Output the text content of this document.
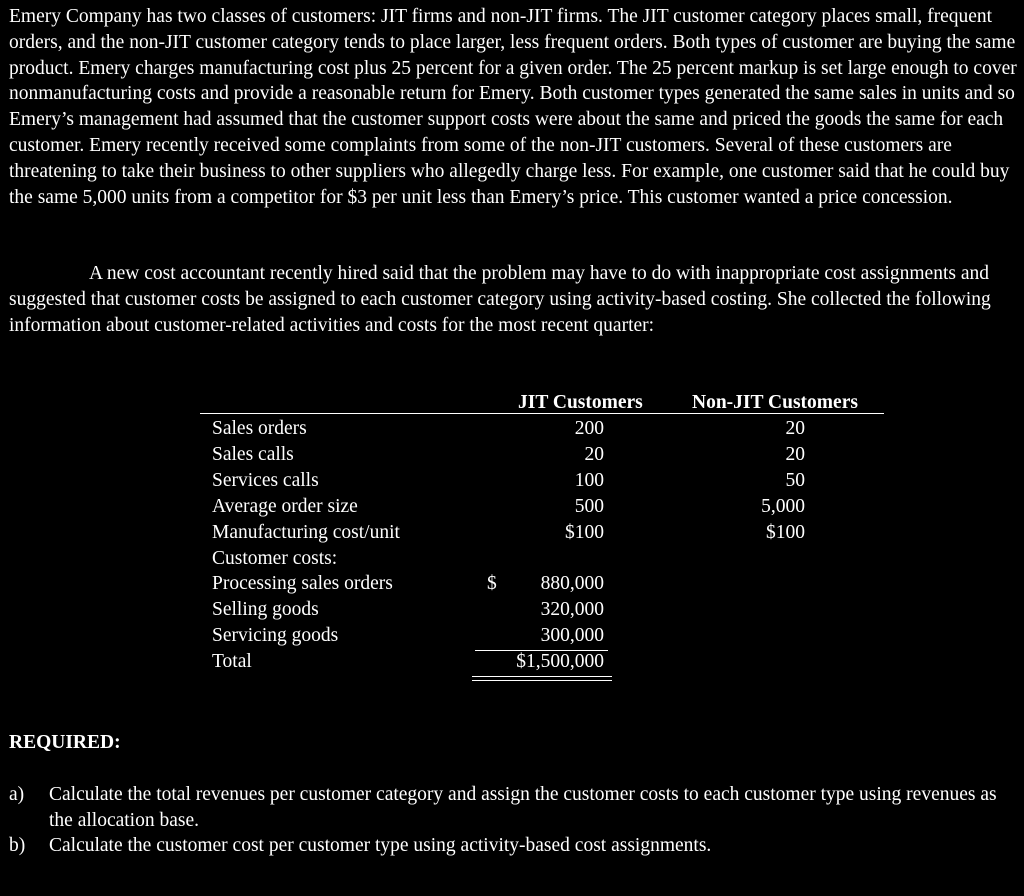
Emery Company has two classes of customers: JIT firms and non-JIT firms. The JIT customer category places small, frequent orders, and the non-JIT customer category tends to place larger, less frequent orders. Both types of customer are buying the same product. Emery charges manufacturing cost plus 25 percent for a given order. The 25 percent markup is set large enough to cover nonmanufacturing costs and provide a reasonable return for Emery. Both customer types generated the same sales in units and so Emery’s management had assumed that the customer support costs were about the same and priced the goods the same for each customer. Emery recently received some complaints from some of the non-JIT customers. Several of these customers are threatening to take their business to other suppliers who allegedly charge less. For example, one customer said that he could buy the same 5,000 units from a competitor for $3 per unit less than Emery’s price. This customer wanted a price concession.

A new cost accountant recently hired said that the problem may have to do with inappropriate cost assignments and suggested that customer costs be assigned to each customer category using activity-based costing. She collected the following information about customer-related activities and costs for the most recent quarter:

JIT Customers	Non-JIT Customers
Sales orders	200	20
Sales calls	20	20
Services calls	100	50
Average order size	500	5,000
Manufacturing cost/unit	$100	$100
Customer costs:
Processing sales orders	$	880,000
Selling goods	320,000
Servicing goods	300,000
Total	$1,500,000
REQUIRED:
a) Calculate the total revenues per customer category and assign the customer costs to each customer type using revenues as the allocation base.
b) Calculate the customer cost per customer type using activity-based cost assignments.
